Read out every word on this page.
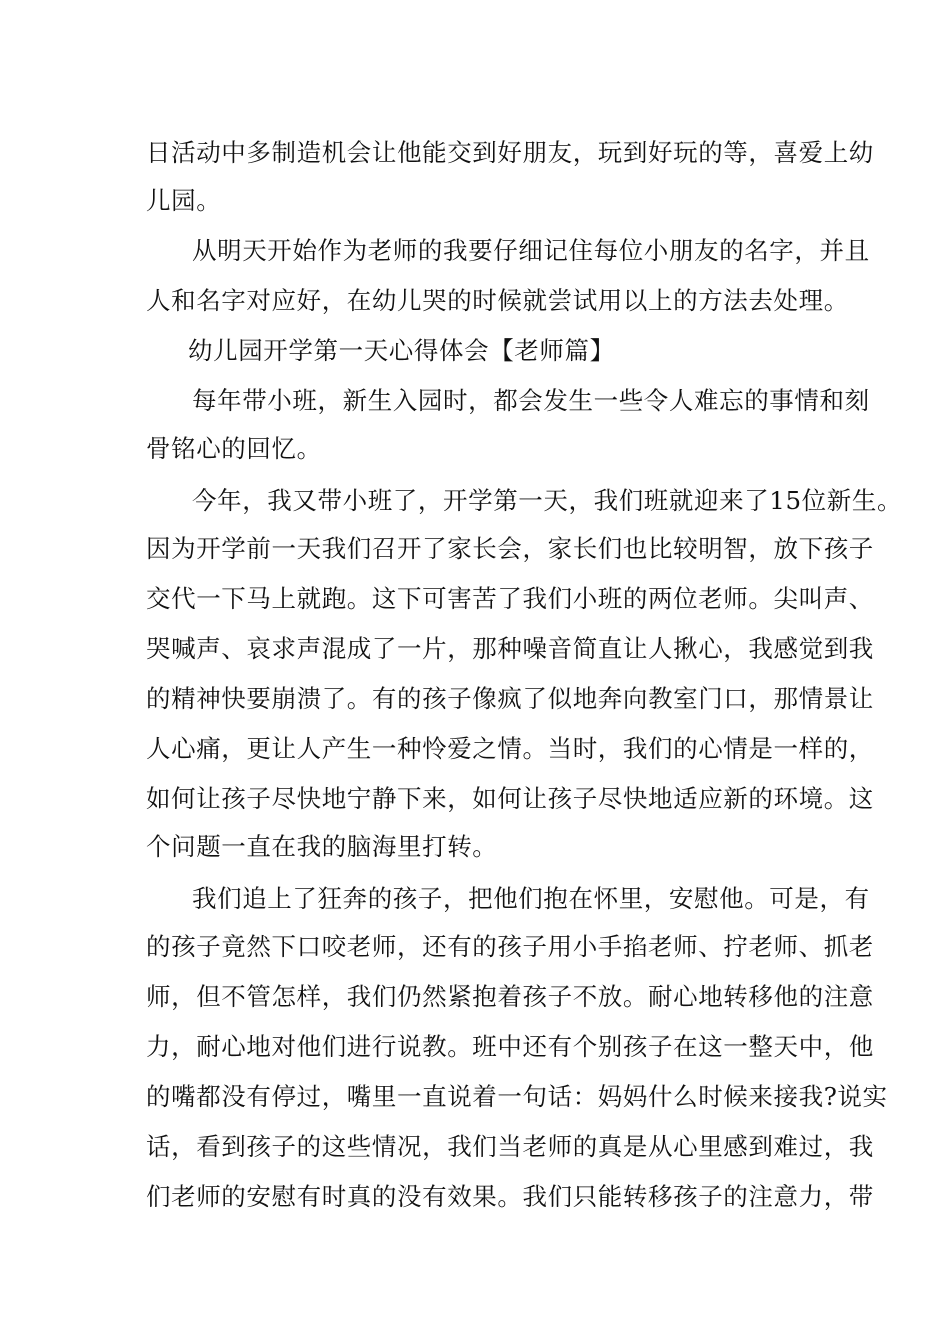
日活动中多制造机会让他能交到好朋友，玩到好玩的等，喜爱上幼
儿园。
从明天开始作为老师的我要仔细记住每位小朋友的名字，并且
人和名字对应好，在幼儿哭的时候就尝试用以上的方法去处理。
幼儿园开学第一天心得体会【老师篇】
每年带小班，新生入园时，都会发生一些令人难忘的事情和刻
骨铭心的回忆。
今年，我又带小班了，开学第一天，我们班就迎来了15位新生。
因为开学前一天我们召开了家长会，家长们也比较明智，放下孩子
交代一下马上就跑。这下可害苦了我们小班的两位老师。尖叫声、
哭喊声、哀求声混成了一片，那种噪音简直让人揪心，我感觉到我
的精神快要崩溃了。有的孩子像疯了似地奔向教室门口，那情景让
人心痛，更让人产生一种怜爱之情。当时，我们的心情是一样的，
如何让孩子尽快地宁静下来，如何让孩子尽快地适应新的环境。这
个问题一直在我的脑海里打转。
我们追上了狂奔的孩子，把他们抱在怀里，安慰他。可是，有
的孩子竟然下口咬老师，还有的孩子用小手掐老师、拧老师、抓老
师，但不管怎样，我们仍然紧抱着孩子不放。耐心地转移他的注意
力，耐心地对他们进行说教。班中还有个别孩子在这一整天中，他
的嘴都没有停过，嘴里一直说着一句话：妈妈什么时候来接我?说实
话，看到孩子的这些情况，我们当老师的真是从心里感到难过，我
们老师的安慰有时真的没有效果。我们只能转移孩子的注意力，带
